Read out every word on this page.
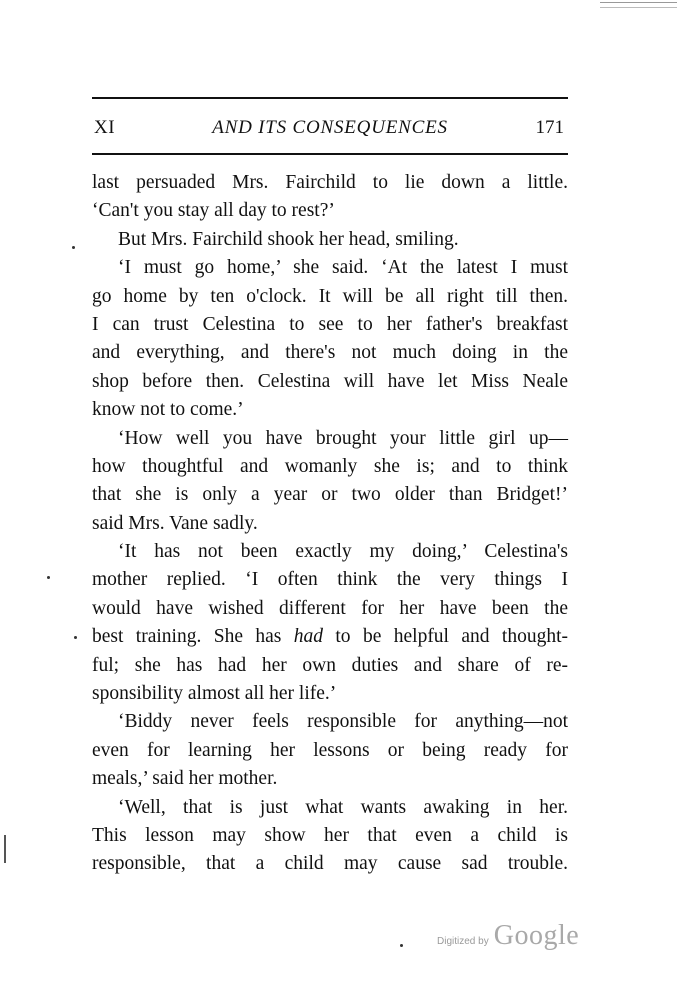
XI	AND ITS CONSEQUENCES	171
last persuaded Mrs. Fairchild to lie down a little.
‘Can't you stay all day to rest?’
But Mrs. Fairchild shook her head, smiling.
‘I must go home,’ she said. ‘At the latest I must
go home by ten o'clock. It will be all right till then.
I can trust Celestina to see to her father's breakfast
and everything, and there's not much doing in the
shop before then. Celestina will have let Miss Neale
know not to come.’
‘How well you have brought your little girl up—
how thoughtful and womanly she is; and to think
that she is only a year or two older than Bridget!’
said Mrs. Vane sadly.
‘It has not been exactly my doing,’ Celestina's
mother replied. ‘I often think the very things I
would have wished different for her have been the
best training. She has had to be helpful and thought-
ful; she has had her own duties and share of re-
sponsibility almost all her life.’
‘Biddy never feels responsible for anything—not
even for learning her lessons or being ready for
meals,’ said her mother.
‘Well, that is just what wants awaking in her.
This lesson may show her that even a child is
responsible, that a child may cause sad trouble.
Digitized by Google
